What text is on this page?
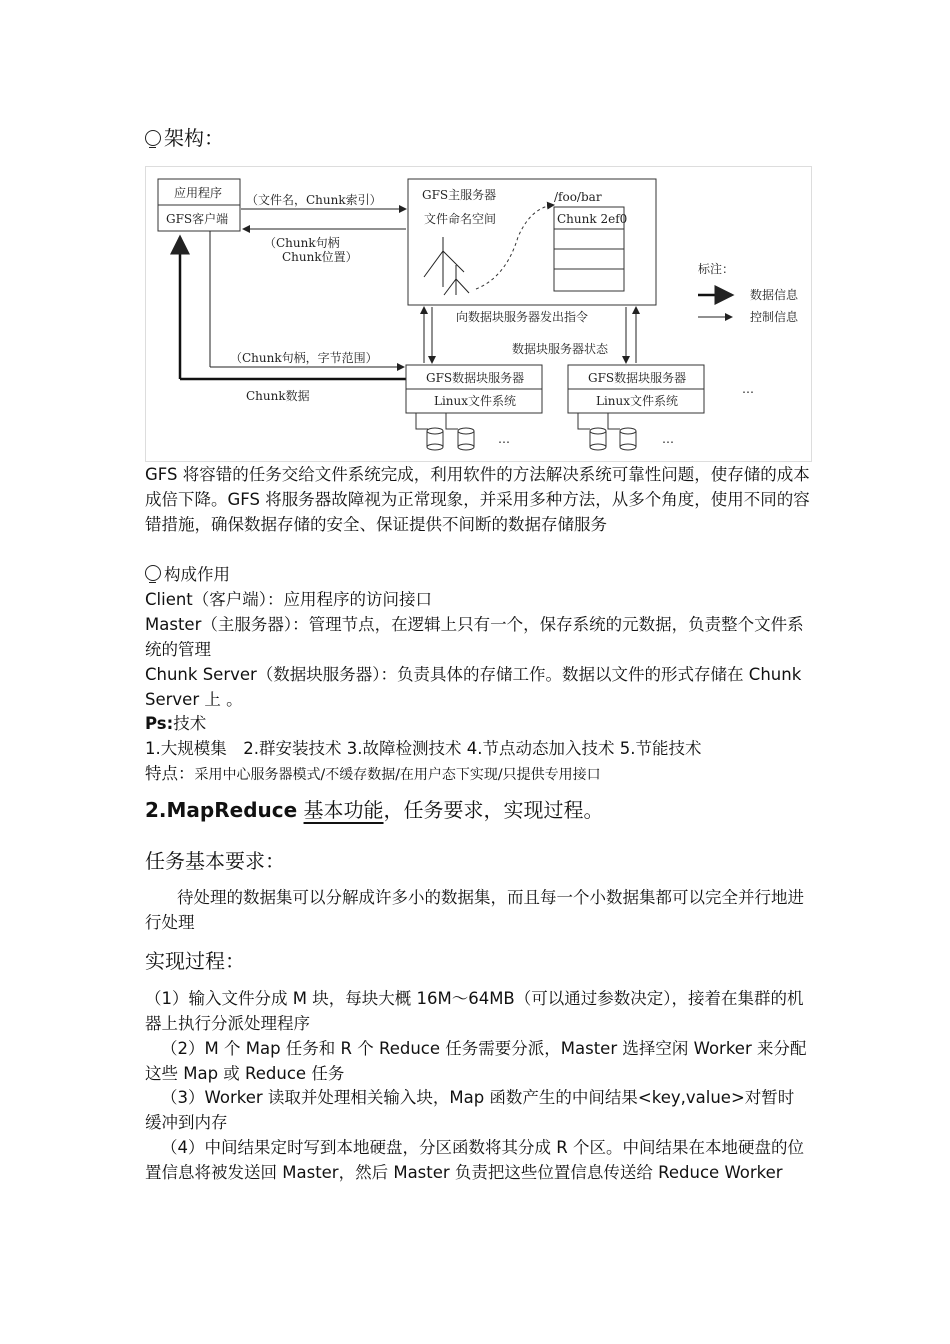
架构：
应用程序
GFS客户端
GFS主服务器
文件命名空间
/foo/bar
Chunk 2ef0
（文件名，Chunk索引）
（Chunk句柄
Chunk位置）
（Chunk句柄，字节范围）
Chunk数据
向数据块服务器发出指令
数据块服务器状态
GFS数据块服务器
Linux文件系统
GFS数据块服务器
Linux文件系统
…
…	…
标注：
数据信息
控制信息
GFS 将容错的任务交给文件系统完成，利用软件的方法解决系统可靠性问题，使存储的成本成倍下降。GFS 将服务器故障视为正常现象，并采用多种方法，从多个角度，使用不同的容错措施，确保数据存储的安全、保证提供不间断的数据存储服务
构成作用
Client（客户端）：应用程序的访问接口
Master（主服务器）：管理节点，在逻辑上只有一个，保存系统的元数据，负责整个文件系统的管理
Chunk Server（数据块服务器）：负责具体的存储工作。数据以文件的形式存储在 Chunk Server 上 。
Ps:技术
1.大规模集　2.群安装技术 3.故障检测技术 4.节点动态加入技术 5.节能技术
特点：采用中心服务器模式/不缓存数据/在用户态下实现/只提供专用接口
2.MapReduce 基本功能，任务要求，实现过程。
任务基本要求：
待处理的数据集可以分解成许多小的数据集，而且每一个小数据集都可以完全并行地进行处理
实现过程：
（1）输入文件分成 M 块，每块大概 16M～64MB（可以通过参数决定），接着在集群的机器上执行分派处理程序
（2）M 个 Map 任务和 R 个 Reduce 任务需要分派，Master 选择空闲 Worker 来分配这些 Map 或 Reduce 任务
（3）Worker 读取并处理相关输入块，Map 函数产生的中间结果<key,value>对暂时缓冲到内存
（4）中间结果定时写到本地硬盘，分区函数将其分成 R 个区。中间结果在本地硬盘的位置信息将被发送回 Master，然后 Master 负责把这些位置信息传送给 Reduce Worker
